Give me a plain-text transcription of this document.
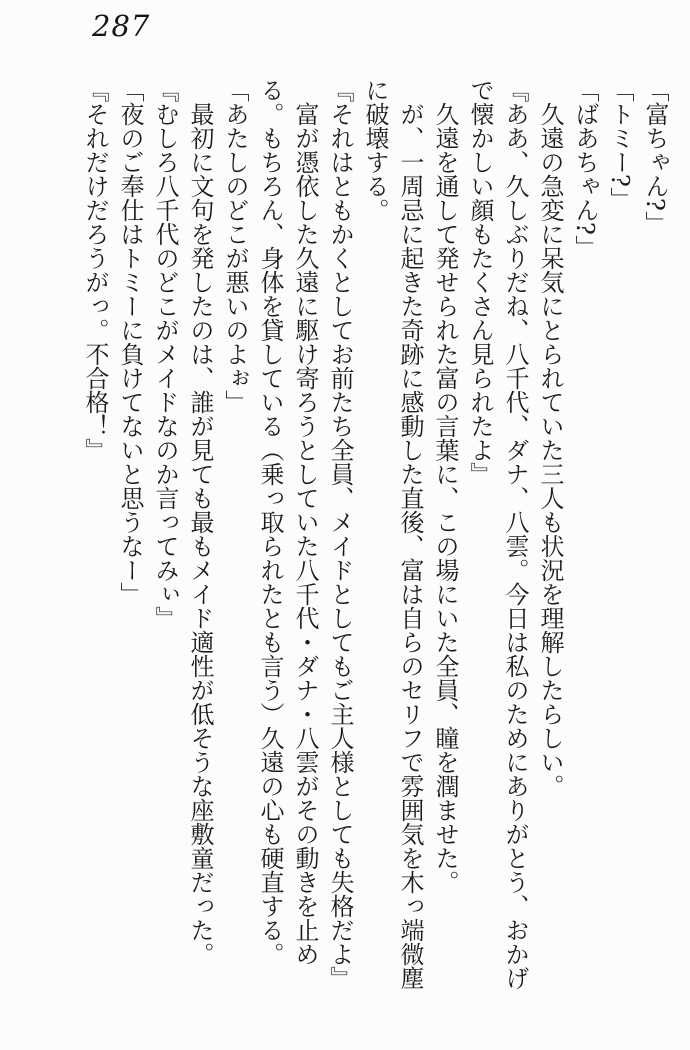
287

「富ちゃん?」

「トミー?」

「ばあちゃん?」

久遠の急変に呆気にとられていた三人も状況を理解したらしい。

『ああ、久しぶりだね、八千代、ダナ、八雲。今日は私のためにありがとう、おかげで懐かしい顔もたくさん見られたよ』

久遠を通して発せられた富の言葉に、この場にいた全員、瞳を潤ませた。

が、一周忌に起きた奇跡に感動した直後、富は自らのセリフで雰囲気を木っ端微塵に破壊する。

『それはともかくとしてお前たち全員、メイドとしてもご主人様としても失格だよ』

富が憑依した久遠に駆け寄ろうとしていた八千代・ダナ・八雲がその動きを止める。もちろん、身体を貸している（乗っ取られたとも言う）久遠の心も硬直する。

「あたしのどこが悪いのよぉ」

最初に文句を発したのは、誰が見ても最もメイド適性が低そうな座敷童だった。

『むしろ八千代のどこがメイドなのか言ってみぃ』

「夜のご奉仕はトミーに負けてないと思うなー」

『それだけだろうがっ。不合格！』
